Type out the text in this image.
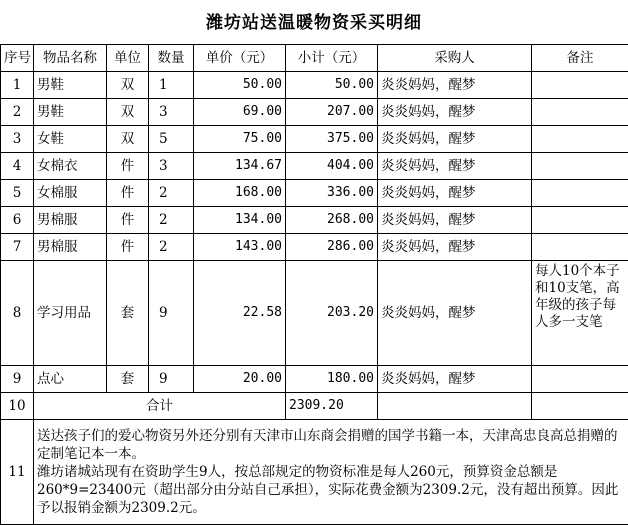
潍坊站送温暖物资采买明细
序号	物品名称	单位	数量	单价（元）	小计（元）	采购人	备注
1	男鞋	双	1	50.00	50.00	炎炎妈妈，醒梦	
2	男鞋	双	3	69.00	207.00	炎炎妈妈，醒梦	
3	女鞋	双	5	75.00	375.00	炎炎妈妈，醒梦	
4	女棉衣	件	3	134.67	404.00	炎炎妈妈，醒梦	
5	女棉服	件	2	168.00	336.00	炎炎妈妈，醒梦	
6	男棉服	件	2	134.00	268.00	炎炎妈妈，醒梦	
7	男棉服	件	2	143.00	286.00	炎炎妈妈，醒梦	
8	学习用品	套	9	22.58	203.20	炎炎妈妈，醒梦	每人10个本子和10支笔，高年级的孩子每人多一支笔
9	点心	套	9	20.00	180.00	炎炎妈妈，醒梦	
10	合计				2309.20		
11	送达孩子们的爱心物资另外还分别有天津市山东商会捐赠的国学书籍一本，天津高忠良高总捐赠的定制笔记本一本。
潍坊诸城站现有在资助学生9人，按总部规定的物资标准是每人260元，预算资金总额是260*9=23400元（超出部分由分站自己承担），实际花费金额为2309.2元，没有超出预算。因此予以报销金额为2309.2元。						
